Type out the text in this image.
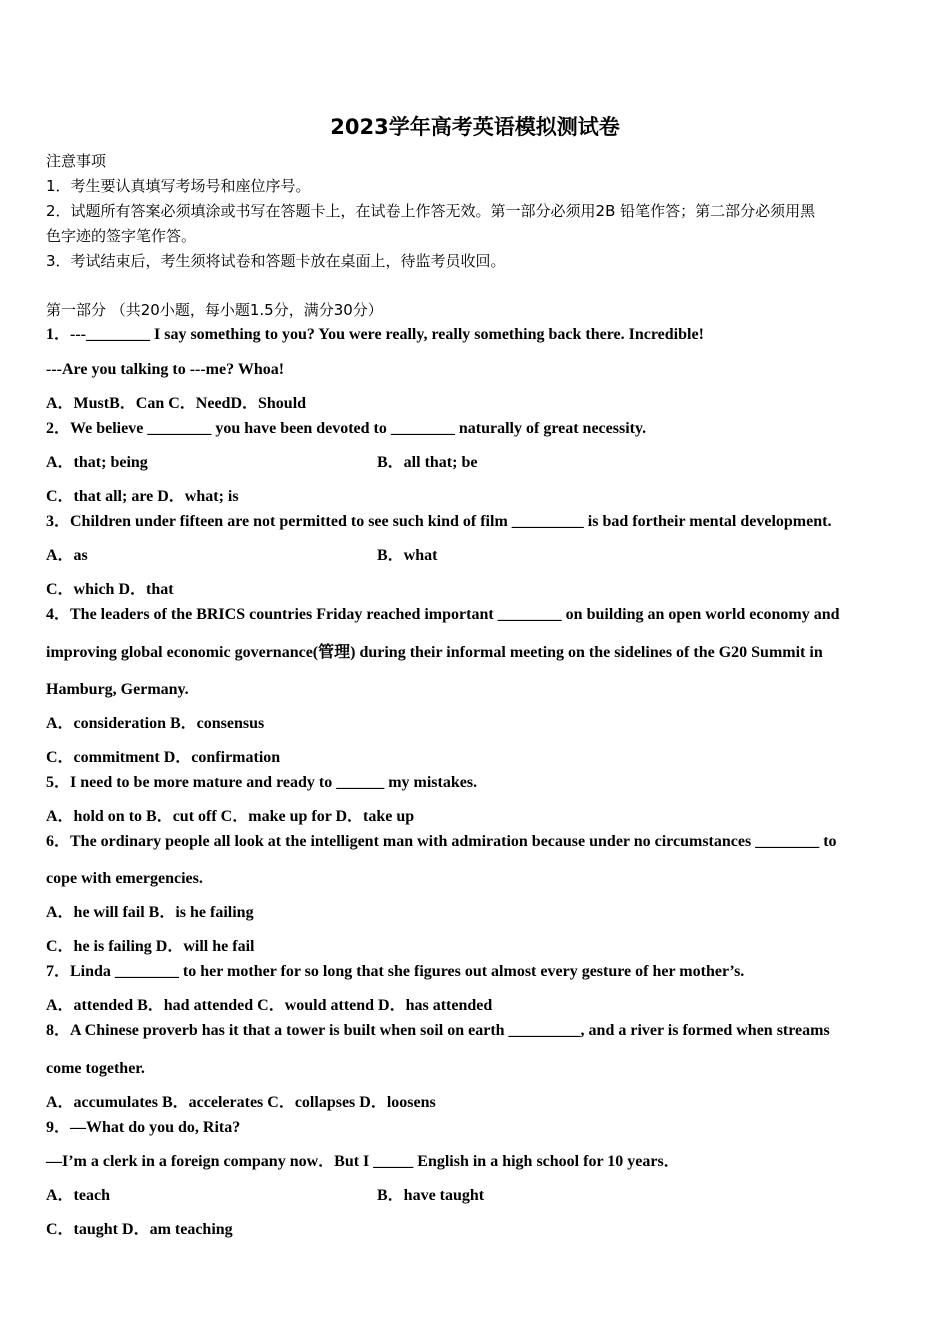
2023学年高考英语模拟测试卷
注意事项
1．考生要认真填写考场号和座位序号。
2．试题所有答案必须填涂或书写在答题卡上，在试卷上作答无效。第一部分必须用2B 铅笔作答；第二部分必须用黑
色字迹的签字笔作答。
3．考试结束后，考生须将试卷和答题卡放在桌面上，待监考员收回。
第一部分 （共20小题，每小题1.5分，满分30分）
1．---________ I say something to you? You were really, really something back there. Incredible!
---Are you talking to ---me? Whoa!
A．MustB．Can C．NeedD．Should
2．We believe ________ you have been devoted to ________ naturally of great necessity.
A．that; being	B．all that; be
C．that all; are D．what; is
3．Children under fifteen are not permitted to see such kind of film _________ is bad fortheir mental development.
A．as	B．what
C．which D．that
4．The leaders of the BRICS countries Friday reached important ________ on building an open world economy and
improving global economic governance(管理) during their informal meeting on the sidelines of the G20 Summit in
Hamburg, Germany.
A．consideration B．consensus
C．commitment D．confirmation
5．I need to be more mature and ready to ______ my mistakes.
A．hold on to B．cut off C．make up for D．take up
6．The ordinary people all look at the intelligent man with admiration because under no circumstances ________ to
cope with emergencies.
A．he will fail B．is he failing
C．he is failing D．will he fail
7．Linda ________ to her mother for so long that she figures out almost every gesture of her mother’s.
A．attended B．had attended C．would attend D．has attended
8．A Chinese proverb has it that a tower is built when soil on earth _________, and a river is formed when streams
come together.
A．accumulates B．accelerates C．collapses D．loosens
9．—What do you do, Rita?
—I’m a clerk in a foreign company now．But I _____ English in a high school for 10 years．
A．teach	B．have taught
C．taught D．am teaching
